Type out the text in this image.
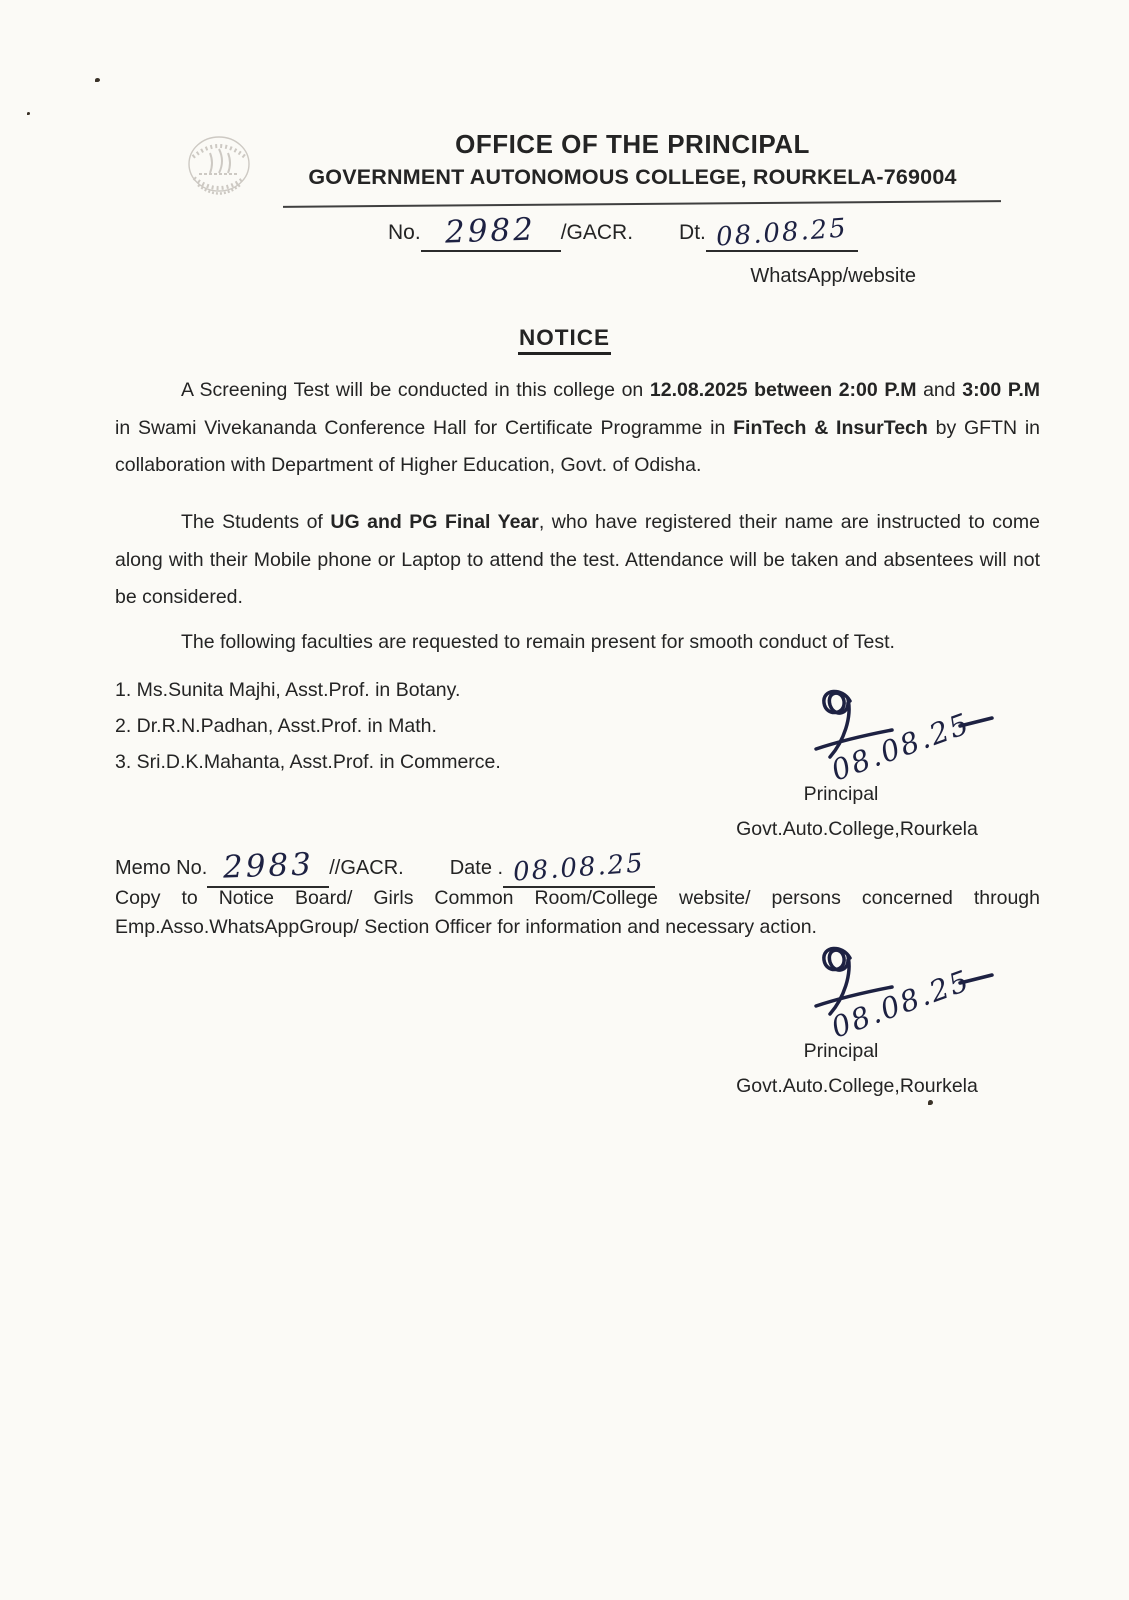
OFFICE OF THE PRINCIPAL
GOVERNMENT AUTONOMOUS COLLEGE, ROURKELA-769004
No. 2982 /GACR. Dt. 08.08.25
WhatsApp/website
NOTICE

A Screening Test will be conducted in this college on 12.08.2025 between 2:00 P.M and 3:00 P.M in Swami Vivekananda Conference Hall for Certificate Programme in FinTech & InsurTech by GFTN in collaboration with Department of Higher Education, Govt. of Odisha.

The Students of UG and PG Final Year, who have registered their name are instructed to come along with their Mobile phone or Laptop to attend the test. Attendance will be taken and absentees will not be considered.

The following faculties are requested to remain present for smooth conduct of Test.

1. Ms.Sunita Majhi, Asst.Prof. in Botany.
2. Dr.R.N.Padhan, Asst.Prof. in Math.
3. Sri.D.K.Mahanta, Asst.Prof. in Commerce.	08.08.25
Principal
Govt.Auto.College,Rourkela
Memo No. 2983 //GACR. Date . 08.08.25

Copy to Notice Board/ Girls Common Room/College website/ persons concerned through Emp.Asso.WhatsAppGroup/ Section Officer for information and necessary action.

08.08.25
Principal
Govt.Auto.College,Rourkela
